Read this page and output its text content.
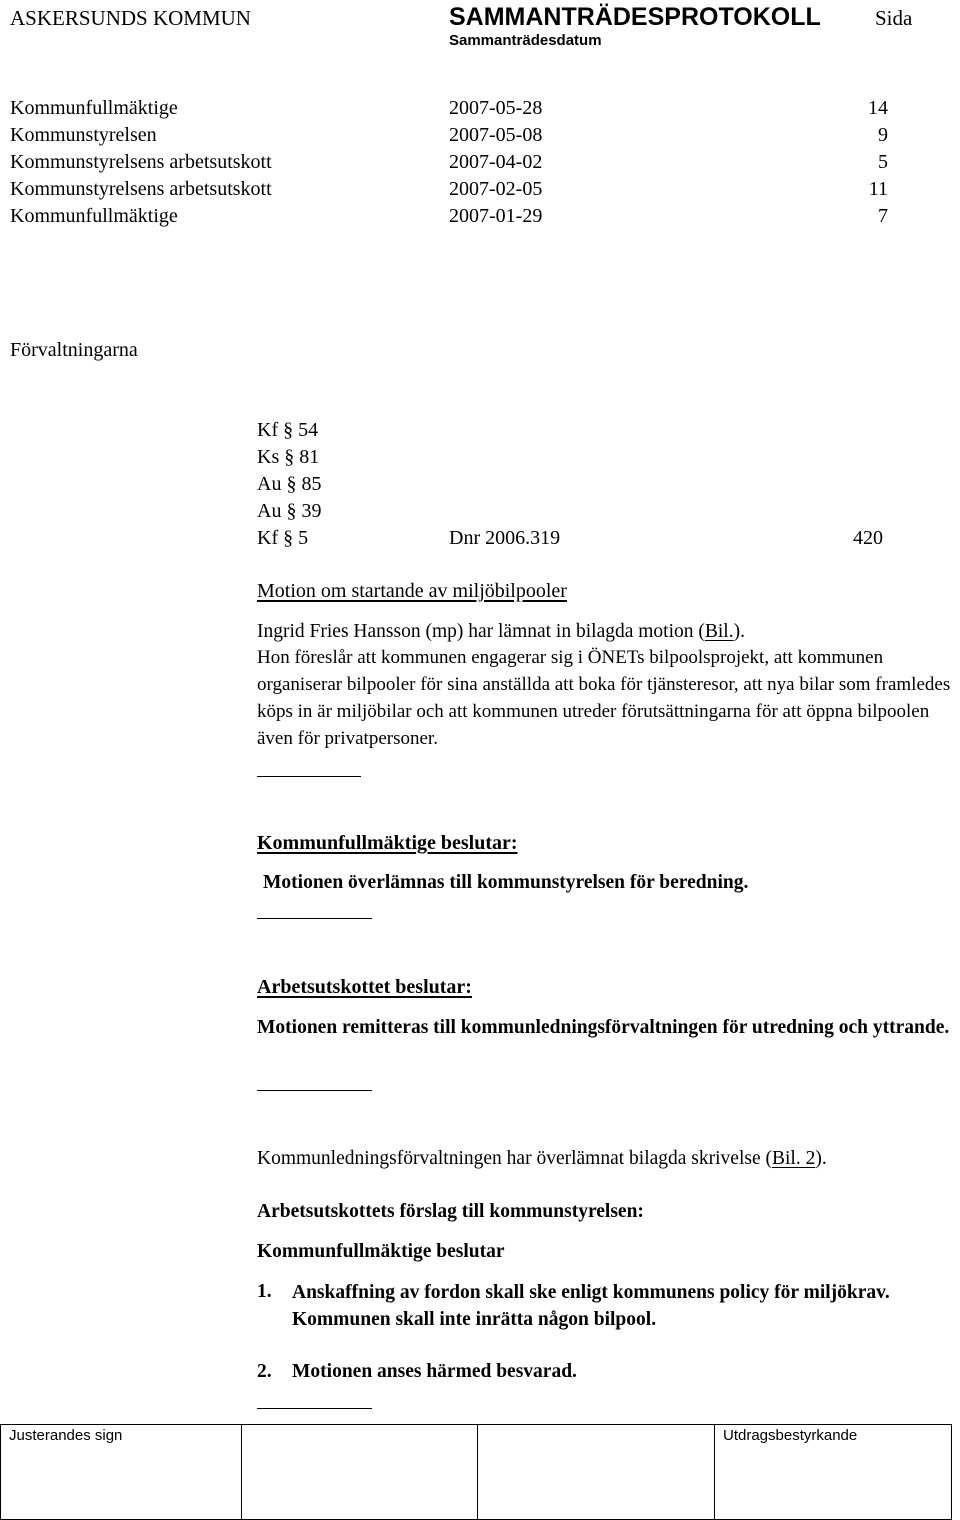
ASKERSUNDS KOMMUN	SAMMANTRÄDESPROTOKOLL	Sida
Sammanträdesdatum
Kommunfullmäktige	2007-05-28	14
Kommunstyrelsen	2007-05-08	9
Kommunstyrelsens arbetsutskott	2007-04-02	5
Kommunstyrelsens arbetsutskott	2007-02-05	11
Kommunfullmäktige	2007-01-29	7
Förvaltningarna
Kf § 54
Ks § 81
Au § 85
Au § 39
Kf § 5	Dnr 2006.319	420
Motion om startande av miljöbilpooler
Ingrid Fries Hansson (mp) har lämnat in bilagda motion (Bil.).
Hon föreslår att kommunen engagerar sig i ÖNETs bilpoolsprojekt, att kommunen organiserar bilpooler för sina anställda att boka för tjänsteresor, att nya bilar som framledes köps in är miljöbilar och att kommunen utreder förutsättningarna för att öppna bilpoolen även för privatpersoner.
Kommunfullmäktige beslutar:
Motionen överlämnas till kommunstyrelsen för beredning.
Arbetsutskottet beslutar:
Motionen remitteras till kommunledningsförvaltningen för utredning och yttrande.
Kommunledningsförvaltningen har överlämnat bilagda skrivelse (Bil. 2).
Arbetsutskottets förslag till kommunstyrelsen:
Kommunfullmäktige beslutar
1. Anskaffning av fordon skall ske enligt kommunens policy för miljökrav. Kommunen skall inte inrätta någon bilpool.
2. Motionen anses härmed besvarad.
Justerandes sign			Utdragsbestyrkande
